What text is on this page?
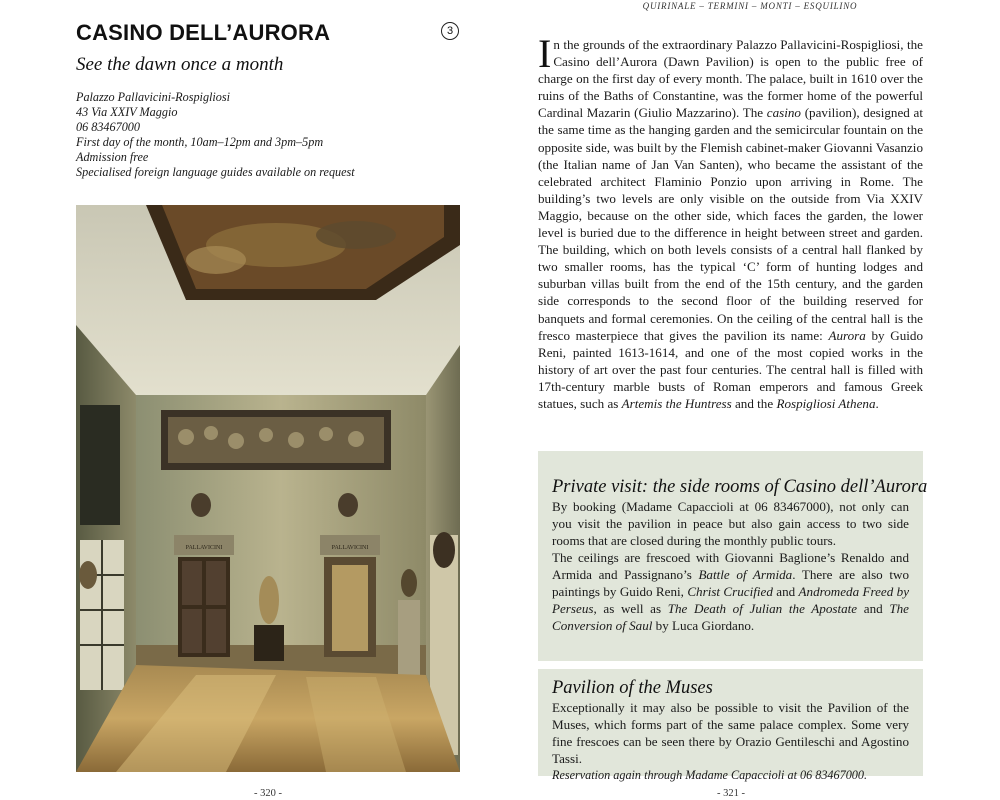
CASINO DELL’AURORA	3
See the dawn once a month
Palazzo Pallavicini-Rospigliosi
43 Via XXIV Maggio
06 83467000
First day of the month, 10am–12pm and 3pm–5pm
Admission free
Specialised foreign language guides available on request
PALLAVICINI	PALLAVICINI
- 320 -
QUIRINALE – TERMINI – MONTI – ESQUILINO
In the grounds of the extraordinary Palazzo Pallavicini-Rospigliosi, the Casino dell’Aurora (Dawn Pavilion) is open to the public free of charge on the first day of every month. The palace, built in 1610 over the ruins of the Baths of Constantine, was the former home of the powerful Cardinal Mazarin (Giulio Mazzarino). The casino (pavilion), designed at the same time as the hanging garden and the semicircular fountain on the opposite side, was built by the Flemish cabinet-maker Giovanni Vasanzio (the Italian name of Jan Van Santen), who became the assistant of the celebrated architect Flaminio Ponzio upon arriving in Rome. The building’s two levels are only visible on the outside from Via XXIV Maggio, because on the other side, which faces the garden, the lower level is buried due to the difference in height between street and garden. The building, which on both levels consists of a central hall flanked by two smaller rooms, has the typical ‘C’ form of hunting lodges and suburban villas built from the end of the 15th century, and the garden side corresponds to the second floor of the building reserved for banquets and formal ceremonies. On the ceiling of the central hall is the fresco masterpiece that gives the pavilion its name: Aurora by Guido Reni, painted 1613-1614, and one of the most copied works in the history of art over the past four centuries. The central hall is filled with 17th-century marble busts of Roman emperors and famous Greek statues, such as Artemis the Huntress and the Rospigliosi Athena.
Private visit: the side rooms of Casino dell’Aurora

By booking (Madame Capaccioli at 06 83467000), not only can you visit the pavilion in peace but also gain access to two side rooms that are closed during the monthly public tours.

The ceilings are frescoed with Giovanni Baglione’s Renaldo and Armida and Passignano’s Battle of Armida. There are also two paintings by Guido Reni, Christ Crucified and Andromeda Freed by Perseus, as well as The Death of Julian the Apostate and The Conversion of Saul by Luca Giordano.

Pavilion of the Muses

Exceptionally it may also be possible to visit the Pavilion of the Muses, which forms part of the same palace complex. Some very fine frescoes can be seen there by Orazio Gentileschi and Agostino Tassi.

Reservation again through Madame Capaccioli at 06 83467000.

- 321 -
